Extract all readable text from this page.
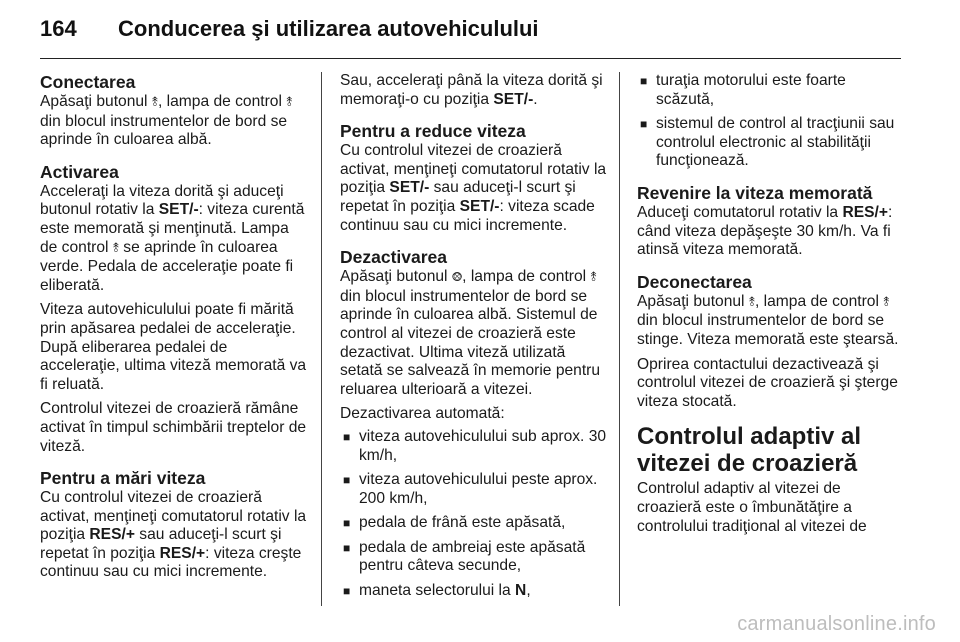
164 Conducerea şi utilizarea autovehiculului
Conectarea

Apăsaţi butonul ⥉, lampa de control ⥉ din blocul instrumentelor de bord se aprinde în culoarea albă.

Activarea

Acceleraţi la viteza dorită şi aduceţi butonul rotativ la SET/-: viteza curentă este memorată şi menţinută. Lampa de control ⥉ se aprinde în culoarea verde. Pedala de acceleraţie poate fi eliberată.

Viteza autovehiculului poate fi mărită prin apăsarea pedalei de acceleraţie. După eliberarea pedalei de acceleraţie, ultima viteză memorată va fi reluată.

Controlul vitezei de croazieră rămâne activat în timpul schimbării treptelor de viteză.

Pentru a mări viteza

Cu controlul vitezei de croazieră activat, menţineţi comutatorul rotativ la poziţia RES/+ sau aduceţi-l scurt şi repetat în poziţia RES/+: viteza creşte continuu sau cu mici incremente.

Sau, acceleraţi până la viteza dorită şi memoraţi-o cu poziţia SET/-.

Pentru a reduce viteza

Cu controlul vitezei de croazieră activat, menţineţi comutatorul rotativ la poziţia SET/- sau aduceţi-l scurt şi repetat în poziţia SET/-: viteza scade continuu sau cu mici incremente.

Dezactivarea

Apăsaţi butonul ⨷, lampa de control ⥉ din blocul instrumentelor de bord se aprinde în culoarea albă. Sistemul de control al vitezei de croazieră este dezactivat. Ultima viteză utilizată setată se salvează în memorie pentru reluarea ulterioară a vitezei.

Dezactivarea automată:

■ viteza autovehiculului sub aprox. 30 km/h,
■ viteza autovehiculului peste aprox. 200 km/h,
■ pedala de frână este apăsată,
■ pedala de ambreiaj este apăsată pentru câteva secunde,
■ maneta selectorului la N,
■ turaţia motorului este foarte scăzută,
■ sistemul de control al tracţiunii sau controlul electronic al stabilităţii funcţionează.
Revenire la viteza memorată

Aduceţi comutatorul rotativ la RES/+: când viteza depăşeşte 30 km/h. Va fi atinsă viteza memorată.

Deconectarea

Apăsaţi butonul ⥉, lampa de control ⥉ din blocul instrumentelor de bord se stinge. Viteza memorată este ştearsă.

Oprirea contactului dezactivează şi controlul vitezei de croazieră şi şterge viteza stocată.

Controlul adaptiv al vitezei de croazieră

Controlul adaptiv al vitezei de croazieră este o îmbunătăţire a controlului tradiţional al vitezei de

carmanualsonline.info
